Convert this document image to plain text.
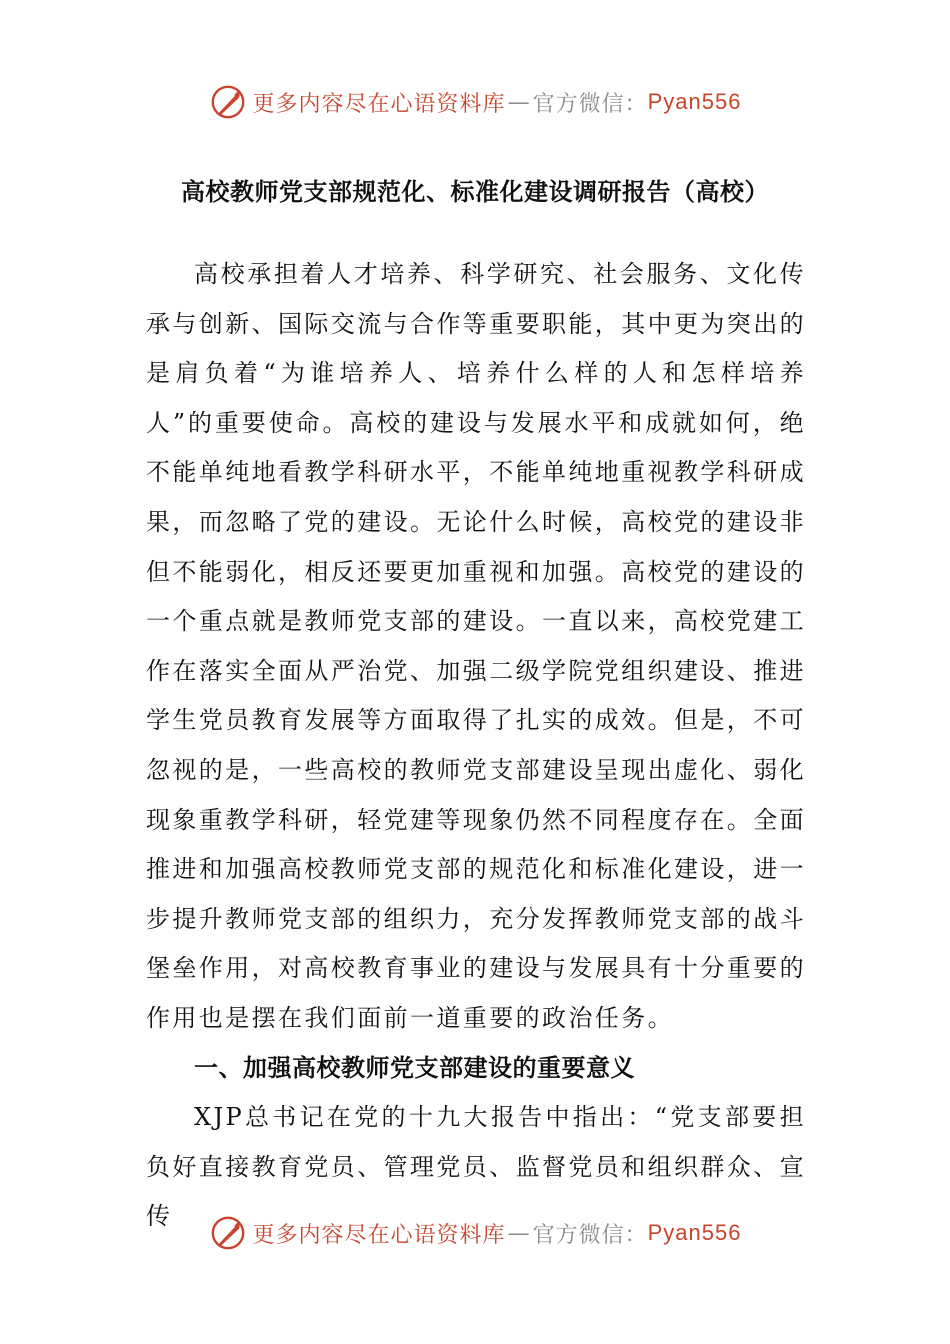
更多内容尽在心语资料库 — 官方微信： Pyan556
高校教师党支部规范化、标准化建设调研报告（高校）

高校承担着人才培养、科学研究、社会服务、文化传承与创新、国际交流与合作等重要职能，其中更为突出的是肩负着“为谁培养人、培养什么样的人和怎样培养人”的重要使命。高校的建设与发展水平和成就如何，绝不能单纯地看教学科研水平，不能单纯地重视教学科研成果，而忽略了党的建设。无论什么时候，高校党的建设非但不能弱化，相反还要更加重视和加强。高校党的建设的一个重点就是教师党支部的建设。一直以来，高校党建工作在落实全面从严治党、加强二级学院党组织建设、推进学生党员教育发展等方面取得了扎实的成效。但是，不可忽视的是，一些高校的教师党支部建设呈现出虚化、弱化现象重教学科研，轻党建等现象仍然不同程度存在。全面推进和加强高校教师党支部的规范化和标准化建设，进一步提升教师党支部的组织力，充分发挥教师党支部的战斗堡垒作用，对高校教育事业的建设与发展具有十分重要的作用也是摆在我们面前一道重要的政治任务。

一、加强高校教师党支部建设的重要意义

XJP总书记在党的十九大报告中指出：“党支部要担负好直接教育党员、管理党员、监督党员和组织群众、宣传

更多内容尽在心语资料库 — 官方微信： Pyan556
